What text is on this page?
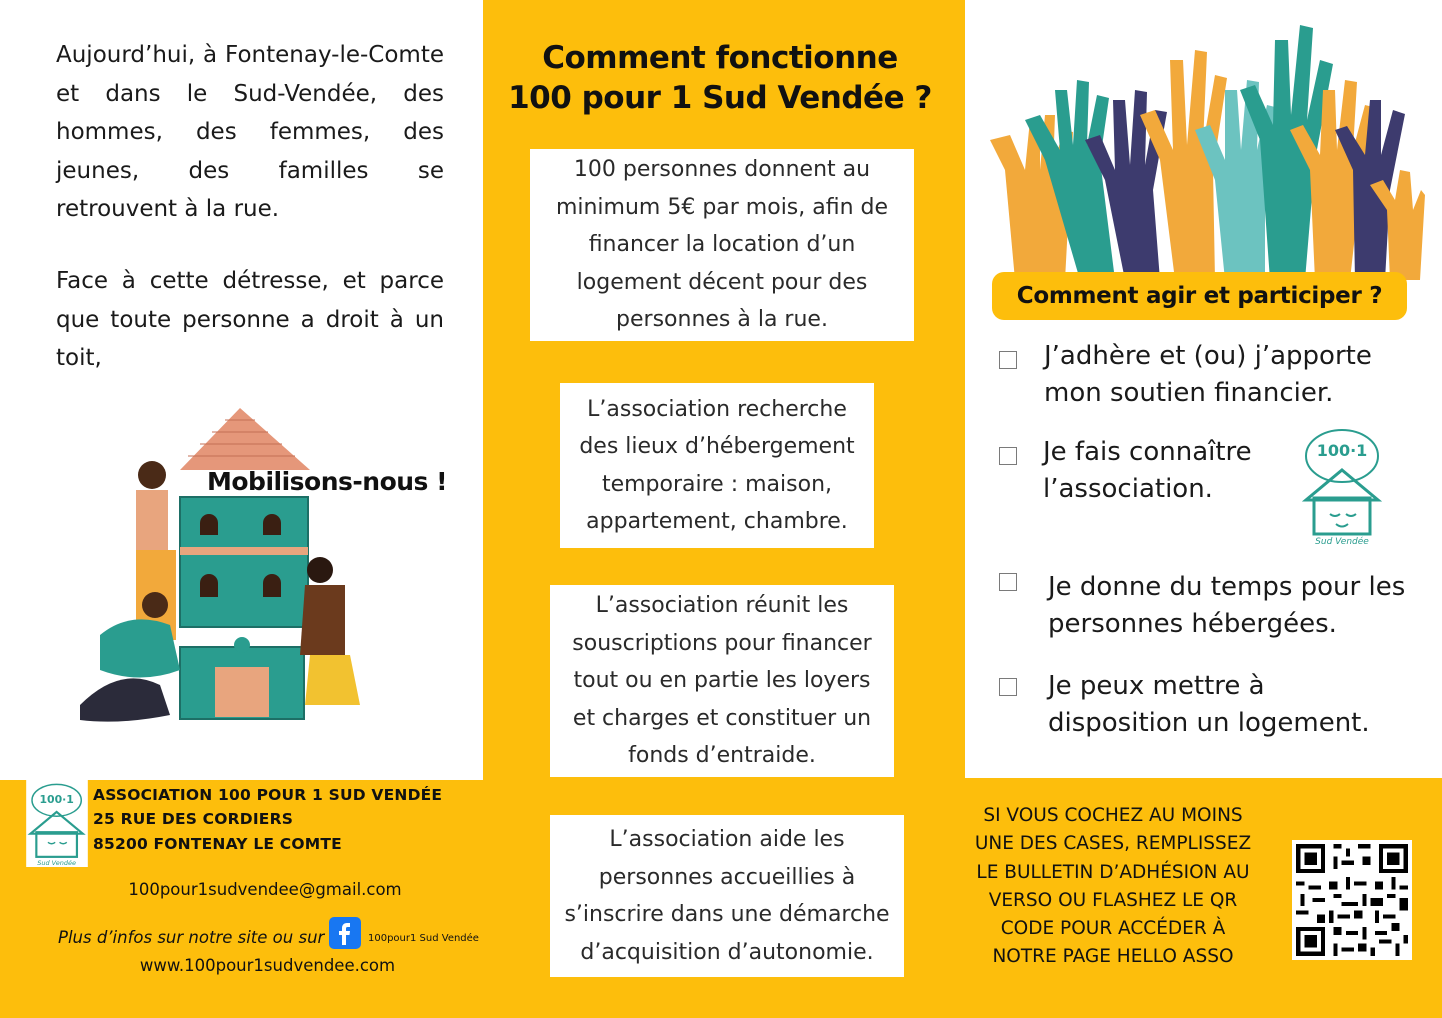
Aujourd’hui, à Fontenay-le-Comte et dans le Sud-Vendée, des hommes, des femmes, des jeunes, des familles se retrouvent à la rue.

Face à cette détresse, et parce que toute personne a droit à un toit,

Mobilisons-nous !
Comment fonctionne
100 pour 1 Sud Vendée ?
100 personnes donnent au minimum 5€ par mois, afin de financer la location d’un logement décent pour des personnes à la rue.
L’association recherche des lieux d’hébergement temporaire : maison, appartement, chambre.
L’association réunit les souscriptions pour financer tout ou en partie les loyers et charges et constituer un fonds d’entraide.
L’association aide les personnes accueillies à s’inscrire dans une démarche d’acquisition d’autonomie.
Comment agir et participer ?
J’adhère et (ou) j’apporte mon soutien financier.
Je fais connaître l’association.
100·1
Sud Vendée
Je donne du temps pour les personnes hébergées.
Je peux mettre à disposition un logement.
100·1
Sud Vendée
ASSOCIATION 100 POUR 1 SUD VENDÉE
25 RUE DES CORDIERS
85200 FONTENAY LE COMTE
100pour1sudvendee@gmail.com
Plus d’infos sur notre site ou sur	100pour1 Sud Vendée
www.100pour1sudvendee.com
SI VOUS COCHEZ AU MOINS UNE DES CASES, REMPLISSEZ LE BULLETIN D’ADHÉSION AU VERSO OU FLASHEZ LE QR CODE POUR ACCÉDER À NOTRE PAGE HELLO ASSO
